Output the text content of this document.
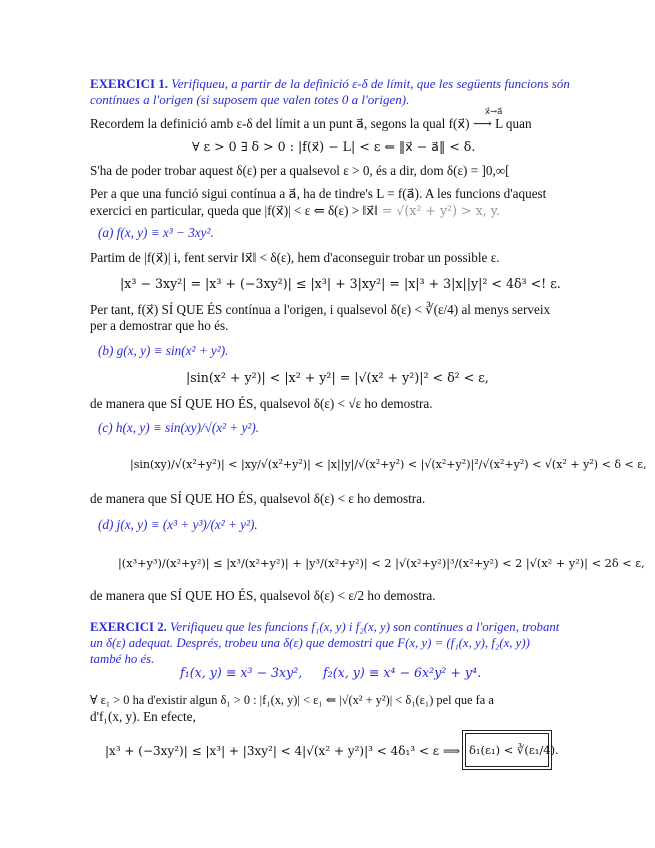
EXERCICI 1. Verifiqueu, a partir de la definició ε-δ de límit, que les següents funcions són
contínues a l'origen (si suposem que valen totes 0 a l'origen).
Recordem la definició amb ε-δ del límit a un punt a⃗, segons la qual f(x⃗) ⟶ L quan
x⃗→a⃗
∀ ε > 0 ∃ δ > 0 : |f(x⃗) − L| < ε ⇐ ‖x⃗ − a⃗‖ < δ.
S'ha de poder trobar aquest δ(ε) per a qualsevol ε > 0, és a dir, dom δ(ε) = ]0,∞[
Per a que una funció sigui contínua a a⃗, ha de tindre's L = f(a⃗). A les funcions d'aquest
exercici en particular, queda que |f(x⃗)| < ε ⇐ δ(ε) > ‖x⃗‖ = √(x² + y²) > x, y.
(a) f(x, y) ≡ x³ − 3xy².
Partim de |f(x⃗)| i, fent servir ‖x⃗‖ < δ(ε), hem d'aconseguir trobar un possible ε.
|x³ − 3xy²| = |x³ + (−3xy²)| ≤ |x³| + 3|xy²| = |x|³ + 3|x||y|² < 4δ³ <! ε.
Per tant, f(x⃗) SÍ QUE ÉS contínua a l'origen, i qualsevol δ(ε) < ∛(ε/4) al menys serveix
per a demostrar que ho és.
(b) g(x, y) ≡ sin(x² + y²).
|sin(x² + y²)| < |x² + y²| = |√(x² + y²)|² < δ² < ε,
de manera que SÍ QUE HO ÉS, qualsevol δ(ε) < √ε ho demostra.
(c) h(x, y) ≡ sin(xy)/√(x² + y²).
|sin(xy)/√(x²+y²)| < |xy/√(x²+y²)| < |x||y|/√(x²+y²) < |√(x²+y²)|²/√(x²+y²) < √(x² + y²) < δ < ε,
de manera que SÍ QUE HO ÉS, qualsevol δ(ε) < ε ho demostra.
(d) j(x, y) ≡ (x³ + y³)/(x² + y²).
|(x³+y³)/(x²+y²)| ≤ |x³/(x²+y²)| + |y³/(x²+y²)| < 2 |√(x²+y²)|³/(x²+y²) < 2 |√(x² + y²)| < 2δ < ε,
de manera que SÍ QUE HO ÉS, qualsevol δ(ε) < ε/2 ho demostra.
EXERCICI 2. Verifiqueu que les funcions f₁(x, y) i f₂(x, y) son contínues a l'origen, trobant
un δ(ε) adequat. Després, trobeu una δ(ε) que demostri que F(x, y) = (f₁(x, y), f₂(x, y))
també ho és.
f₁(x, y) ≡ x³ − 3xy², f₂(x, y) ≡ x⁴ − 6x²y² + y⁴.
∀ ε₁ > 0 ha d'existir algun δ₁ > 0 : |f₁(x, y)| < ε₁ ⇐ |√(x² + y²)| < δ₁(ε₁) pel que fa a
d'f₁(x, y). En efecte,
|x³ + (−3xy²)| ≤ |x³| + |3xy²| < 4|√(x² + y²)|³ < 4δ₁³ < ε ⟹ δ₁(ε₁) < ∛(ε₁/4).
